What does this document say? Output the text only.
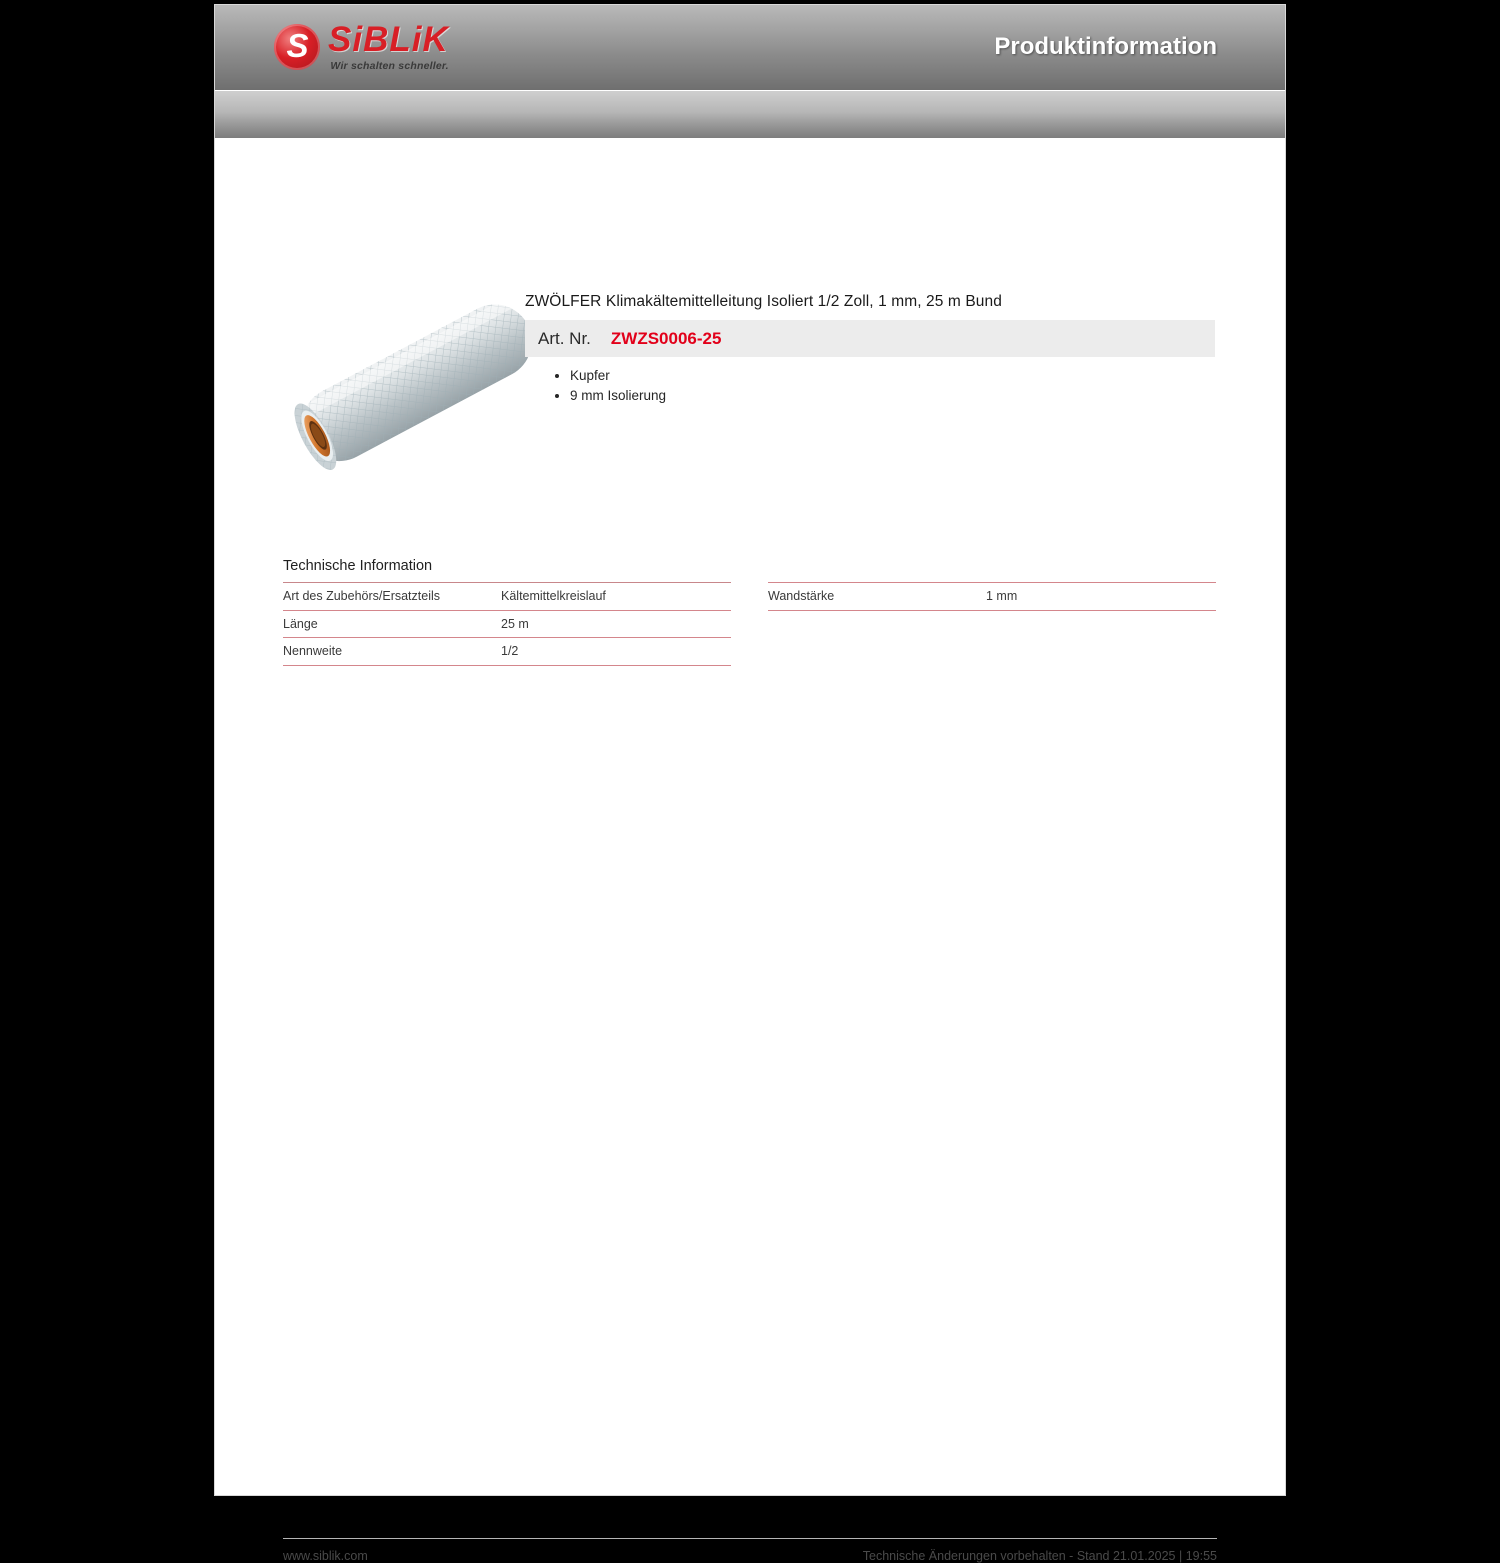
S
SiBLiK
Wir schalten schneller.
Produktinformation
ZWÖLFER Klimakältemittelleitung Isoliert 1/2 Zoll, 1 mm, 25 m Bund
Art. Nr. ZWZS0006-25
• Kupfer
• 9 mm Isolierung
Technische Information
Art des Zubehörs/Ersatzteils	Kältemittelkreislauf
Länge	25 m
Nennweite	1/2
Wandstärke	1 mm
www.siblik.com	Technische Änderungen vorbehalten - Stand 21.01.2025 | 19:55
